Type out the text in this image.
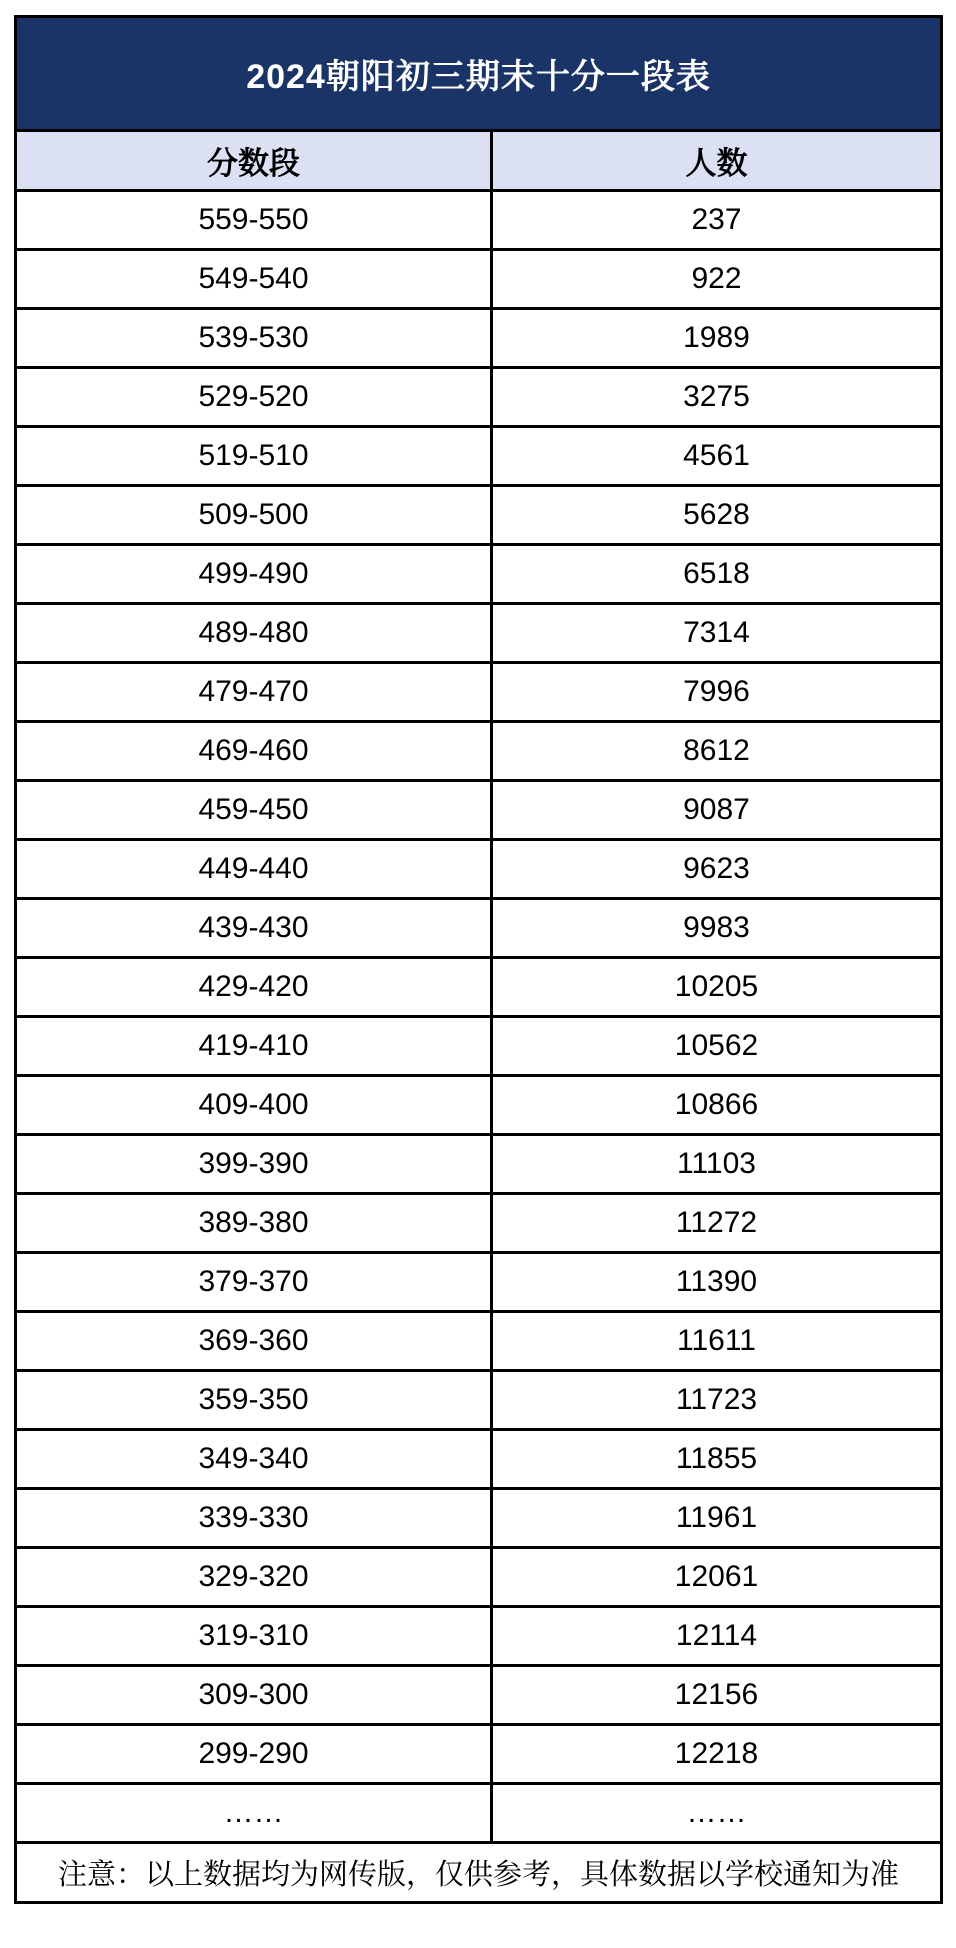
2024朝阳初三期末十分一段表	
分数段	人数
559-550	237
549-540	922
539-530	1989
529-520	3275
519-510	4561
509-500	5628
499-490	6518
489-480	7314
479-470	7996
469-460	8612
459-450	9087
449-440	9623
439-430	9983
429-420	10205
419-410	10562
409-400	10866
399-390	11103
389-380	11272
379-370	11390
369-360	11611
359-350	11723
349-340	11855
339-330	11961
329-320	12061
319-310	12114
309-300	12156
299-290	12218
……	……
注意：以上数据均为网传版，仅供参考，具体数据以学校通知为准	
